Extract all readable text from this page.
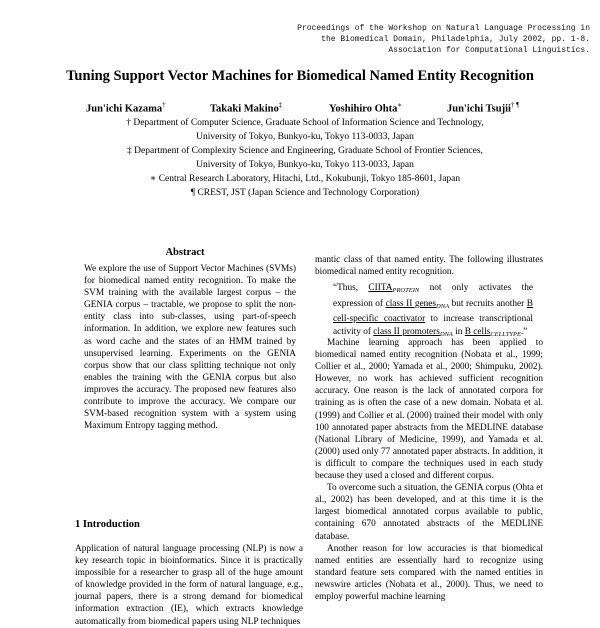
Proceedings of the Workshop on Natural Language Processing in
the Biomedical Domain, Philadelphia, July 2002, pp. 1-8.
Association for Computational Linguistics.
Tuning Support Vector Machines for Biomedical Named Entity Recognition
Jun'ichi Kazama†	Takaki Makino‡	Yoshihiro Ohta∗	Jun'ichi Tsujii† ¶
† Department of Computer Science, Graduate School of Information Science and Technology,
University of Tokyo, Bunkyo-ku, Tokyo 113-0033, Japan
‡ Department of Complexity Science and Engineering, Graduate School of Frontier Sciences,
University of Tokyo, Bunkyo-ku, Tokyo 113-0033, Japan
∗ Central Research Laboratory, Hitachi, Ltd., Kokubunji, Tokyo 185-8601, Japan
¶ CREST, JST (Japan Science and Technology Corporation)
Abstract

We explore the use of Support Vector Machines (SVMs) for biomedical named entity recognition. To make the SVM training with the available largest corpus – the GENIA corpus – tractable, we propose to split the non-entity class into sub-classes, using part-of-speech information. In addition, we explore new features such as word cache and the states of an HMM trained by unsupervised learning. Experiments on the GENIA corpus show that our class splitting technique not only enables the training with the GENIA corpus but also improves the accuracy. The proposed new features also contribute to improve the accuracy. We compare our SVM-based recognition system with a system using Maximum Entropy tagging method.

1 Introduction

Application of natural language processing (NLP) is now a key research topic in bioinformatics. Since it is practically impossible for a researcher to grasp all of the huge amount of knowledge provided in the form of natural language, e.g., journal papers, there is a strong demand for biomedical information extraction (IE), which extracts knowledge automatically from biomedical papers using NLP techniques

mantic class of that named entity. The following illustrates biomedical named entity recognition.

“Thus, $CIITA_{PROTEIN}$ not only activates the expression of class II genes$_{DNA}$ but recruits another B cell-specific coactivator to increase transcriptional activity of class II promoters$_{DNA}$ in B cells$_{CELLTYPE}$.”

Machine learning approach has been applied to biomedical named entity recognition (Nobata et al., 1999; Collier et al., 2000; Yamada et al., 2000; Shimpuku, 2002). However, no work has achieved sufficient recognition accuracy. One reason is the lack of annotated corpora for training as is often the case of a new domain. Nobata et al. (1999) and Collier et al. (2000) trained their model with only 100 annotated paper abstracts from the MEDLINE database (National Library of Medicine, 1999), and Yamada et al. (2000) used only 77 annotated paper abstracts. In addition, it is difficult to compare the techniques used in each study because they used a closed and different corpus.

To overcome such a situation, the GENIA corpus (Ohta et al., 2002) has been developed, and at this time it is the largest biomedical annotated corpus available to public, containing 670 annotated abstracts of the MEDLINE database.

Another reason for low accuracies is that biomedical named entities are essentially hard to recognize using standard feature sets compared with the named entities in newswire articles (Nobata et al., 2000). Thus, we need to employ powerful machine learning
